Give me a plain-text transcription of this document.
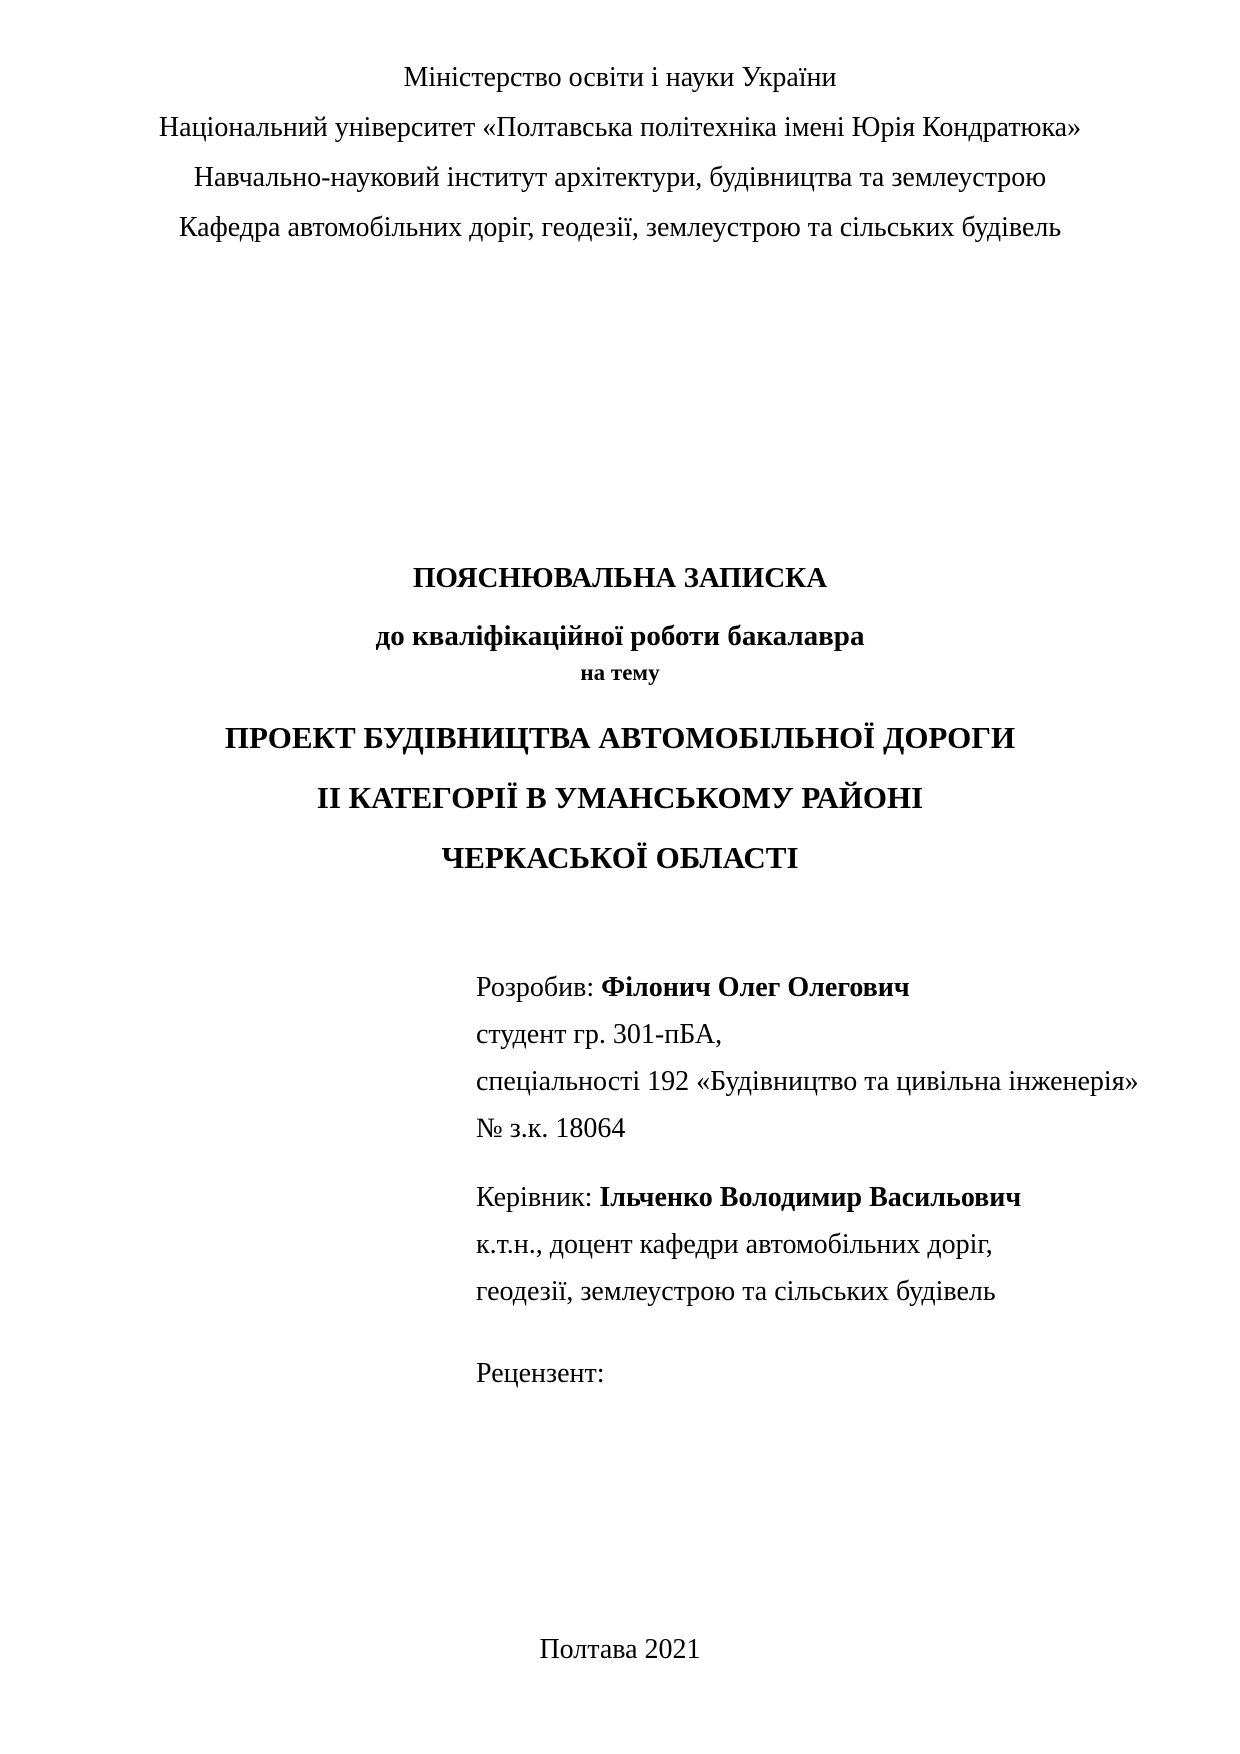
Міністерство освіти і науки України
Національний університет «Полтавська політехніка імені Юрія Кондратюка»
Навчально-науковий інститут архітектури, будівництва та землеустрою
Кафедра автомобільних доріг, геодезії, землеустрою та сільських будівель
ПОЯСНЮВАЛЬНА ЗАПИСКА
до кваліфікаційної роботи бакалавра
на тему
ПРОЕКТ БУДІВНИЦТВА АВТОМОБІЛЬНОЇ ДОРОГИ
ІІ КАТЕГОРІЇ В УМАНСЬКОМУ РАЙОНІ
ЧЕРКАСЬКОЇ ОБЛАСТІ
Розробив: Філонич Олег Олегович
студент гр. 301-пБА,
спеціальності 192 «Будівництво та цивільна інженерія»
№ з.к. 18064
Керівник: Ільченко Володимир Васильович
к.т.н., доцент кафедри автомобільних доріг,
геодезії, землеустрою та сільських будівель
Рецензент:
Полтава 2021
